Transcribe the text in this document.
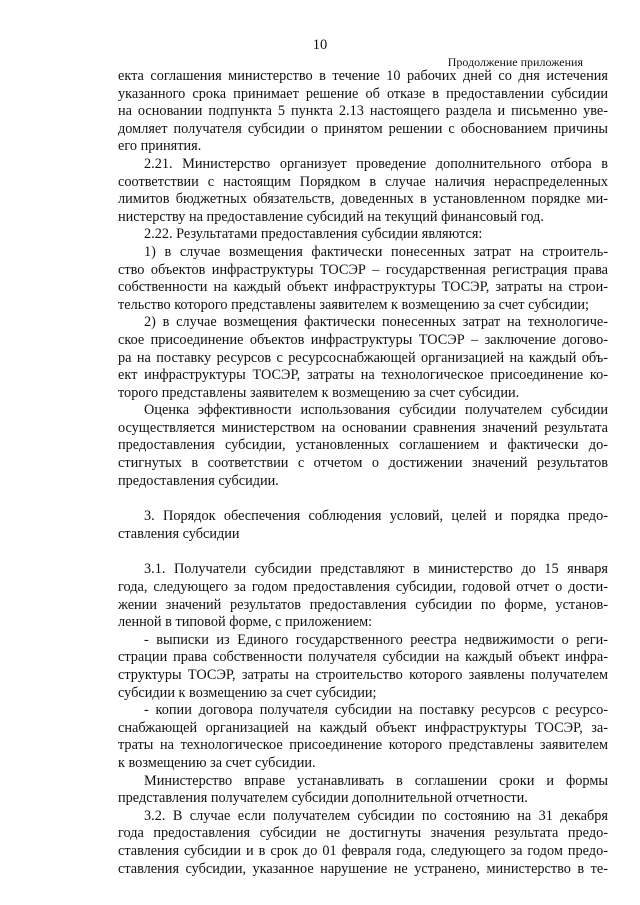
10
Продолжение приложения
екта соглашения министерство в течение 10 рабочих дней со дня истечения
указанного срока принимает решение об отказе в предоставлении субсидии
на основании подпункта 5 пункта 2.13 настоящего раздела и письменно уве-
домляет получателя субсидии о принятом решении с обоснованием причины
его принятия.
2.21. Министерство организует проведение дополнительного отбора в
соответствии с настоящим Порядком в случае наличия нераспределенных
лимитов бюджетных обязательств, доведенных в установленном порядке ми-
нистерству на предоставление субсидий на текущий финансовый год.
2.22. Результатами предоставления субсидии являются:
1) в случае возмещения фактически понесенных затрат на строитель-
ство объектов инфраструктуры ТОСЭР – государственная регистрация права
собственности на каждый объект инфраструктуры ТОСЭР, затраты на строи-
тельство которого представлены заявителем к возмещению за счет субсидии;
2) в случае возмещения фактически понесенных затрат на технологиче-
ское присоединение объектов инфраструктуры ТОСЭР – заключение догово-
ра на поставку ресурсов с ресурсоснабжающей организацией на каждый объ-
ект инфраструктуры ТОСЭР, затраты на технологическое присоединение ко-
торого представлены заявителем к возмещению за счет субсидии.
Оценка эффективности использования субсидии получателем субсидии
осуществляется министерством на основании сравнения значений результата
предоставления субсидии, установленных соглашением и фактически до-
стигнутых в соответствии с отчетом о достижении значений результатов
предоставления субсидии.
3. Порядок обеспечения соблюдения условий, целей и порядка предо-
ставления субсидии
3.1. Получатели субсидии представляют в министерство до 15 января
года, следующего за годом предоставления субсидии, годовой отчет о дости-
жении значений результатов предоставления субсидии по форме, установ-
ленной в типовой форме, с приложением:
- выписки из Единого государственного реестра недвижимости о реги-
страции права собственности получателя субсидии на каждый объект инфра-
структуры ТОСЭР, затраты на строительство которого заявлены получателем
субсидии к возмещению за счет субсидии;
- копии договора получателя субсидии на поставку ресурсов с ресурсо-
снабжающей организацией на каждый объект инфраструктуры ТОСЭР, за-
траты на технологическое присоединение которого представлены заявителем
к возмещению за счет субсидии.
Министерство вправе устанавливать в соглашении сроки и формы
представления получателем субсидии дополнительной отчетности.
3.2. В случае если получателем субсидии по состоянию на 31 декабря
года предоставления субсидии не достигнуты значения результата предо-
ставления субсидии и в срок до 01 февраля года, следующего за годом предо-
ставления субсидии, указанное нарушение не устранено, министерство в те-
